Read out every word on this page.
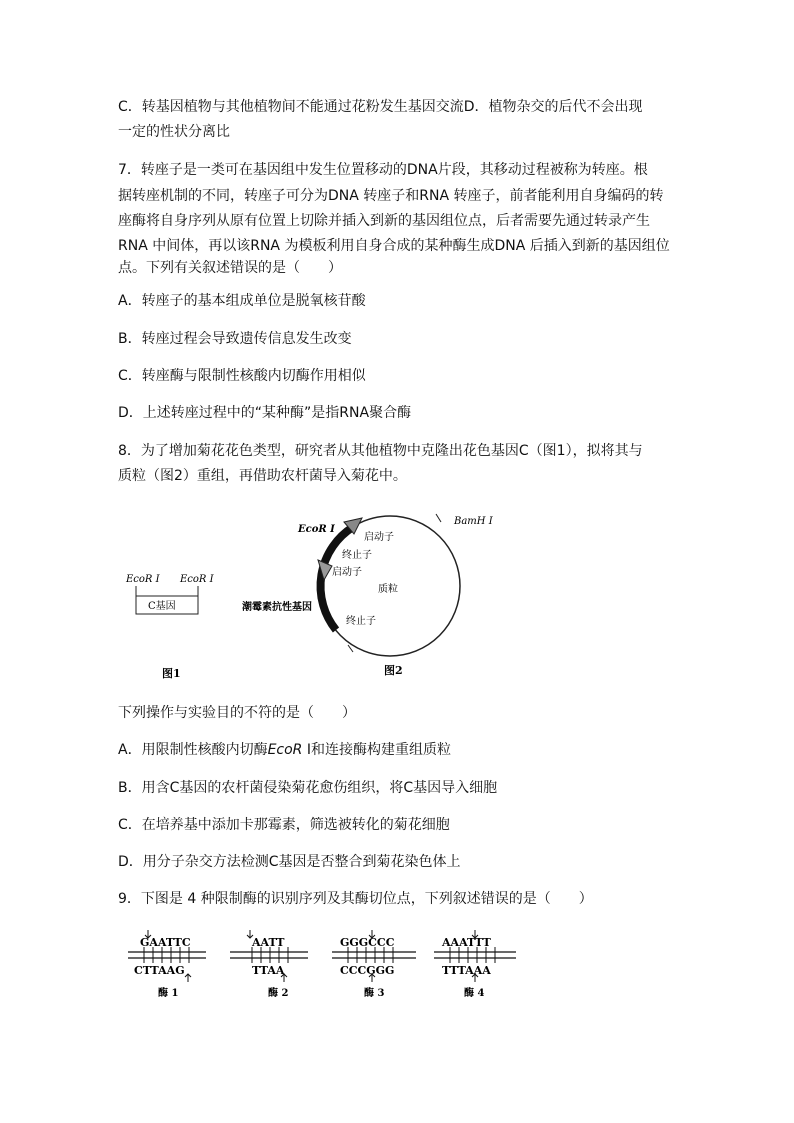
C．转基因植物与其他植物间不能通过花粉发生基因交流D．植物杂交的后代不会出现
一定的性状分离比
7．转座子是一类可在基因组中发生位置移动的DNA片段，其移动过程被称为转座。根
据转座机制的不同，转座子可分为DNA 转座子和RNA 转座子，前者能利用自身编码的转
座酶将自身序列从原有位置上切除并插入到新的基因组位点，后者需要先通过转录产生
RNA 中间体，再以该RNA 为模板利用自身合成的某种酶生成DNA 后插入到新的基因组位
点。下列有关叙述错误的是（　　）
A．转座子的基本组成单位是脱氧核苷酸
B．转座过程会导致遗传信息发生改变
C．转座酶与限制性核酸内切酶作用相似
D．上述转座过程中的“某种酶”是指RNA聚合酶
8．为了增加菊花花色类型，研究者从其他植物中克隆出花色基因C（图1），拟将其与
质粒（图2）重组，再借助农杆菌导入菊花中。
EcoR I EcoR I
C基因
图1
EcoR I
BamH I
启动子
终止子
启动子
质粒
潮霉素抗性基因
终止子
图2
下列操作与实验目的不符的是（　　）
A．用限制性核酸内切酶EcoR I和连接酶构建重组质粒
B．用含C基因的农杆菌侵染菊花愈伤组织，将C基因导入细胞
C．在培养基中添加卡那霉素，筛选被转化的菊花细胞
D．用分子杂交方法检测C基因是否整合到菊花染色体上
9．下图是 4 种限制酶的识别序列及其酶切位点，下列叙述错误的是（　　）
GAATTC
CTTAAG
酶 1
AATT
TTAA
酶 2
GGGCCC
CCCGGG
酶 3
AAATTT
TTTAAA
酶 4
